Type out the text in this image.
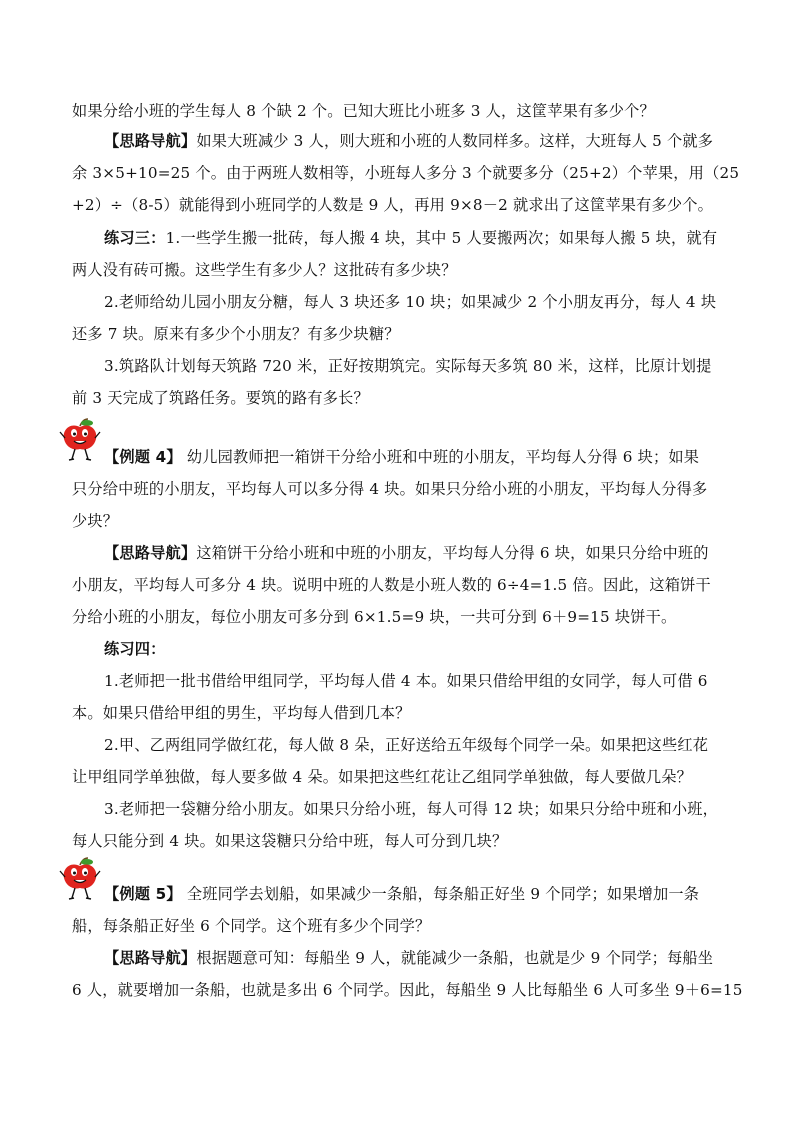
如果分给小班的学生每人 8 个缺 2 个。已知大班比小班多 3 人，这筐苹果有多少个？
【思路导航】如果大班减少 3 人，则大班和小班的人数同样多。这样，大班每人 5 个就多
余 3×5+10=25 个。由于两班人数相等，小班每人多分 3 个就要多分（25+2）个苹果，用（25
+2）÷（8-5）就能得到小班同学的人数是 9 人，再用 9×8－2 就求出了这筐苹果有多少个。
练习三：1.一些学生搬一批砖，每人搬 4 块，其中 5 人要搬两次；如果每人搬 5 块，就有
两人没有砖可搬。这些学生有多少人？这批砖有多少块？
2.老师给幼儿园小朋友分糖，每人 3 块还多 10 块；如果减少 2 个小朋友再分，每人 4 块
还多 7 块。原来有多少个小朋友？有多少块糖？
3.筑路队计划每天筑路 720 米，正好按期筑完。实际每天多筑 80 米，这样，比原计划提
前 3 天完成了筑路任务。要筑的路有多长？
【例题 4】 幼儿园教师把一箱饼干分给小班和中班的小朋友，平均每人分得 6 块；如果
只分给中班的小朋友，平均每人可以多分得 4 块。如果只分给小班的小朋友，平均每人分得多
少块？
【思路导航】这箱饼干分给小班和中班的小朋友，平均每人分得 6 块，如果只分给中班的
小朋友，平均每人可多分 4 块。说明中班的人数是小班人数的 6÷4=1.5 倍。因此，这箱饼干
分给小班的小朋友，每位小朋友可多分到 6×1.5=9 块，一共可分到 6＋9=15 块饼干。
练习四：
1.老师把一批书借给甲组同学，平均每人借 4 本。如果只借给甲组的女同学，每人可借 6
本。如果只借给甲组的男生，平均每人借到几本？
2.甲、乙两组同学做红花，每人做 8 朵，正好送给五年级每个同学一朵。如果把这些红花
让甲组同学单独做，每人要多做 4 朵。如果把这些红花让乙组同学单独做，每人要做几朵？
3.老师把一袋糖分给小朋友。如果只分给小班，每人可得 12 块；如果只分给中班和小班，
每人只能分到 4 块。如果这袋糖只分给中班，每人可分到几块？
【例题 5】 全班同学去划船，如果减少一条船，每条船正好坐 9 个同学；如果增加一条
船，每条船正好坐 6 个同学。这个班有多少个同学？
【思路导航】根据题意可知：每船坐 9 人，就能减少一条船，也就是少 9 个同学；每船坐
6 人，就要增加一条船，也就是多出 6 个同学。因此，每船坐 9 人比每船坐 6 人可多坐 9＋6=15
